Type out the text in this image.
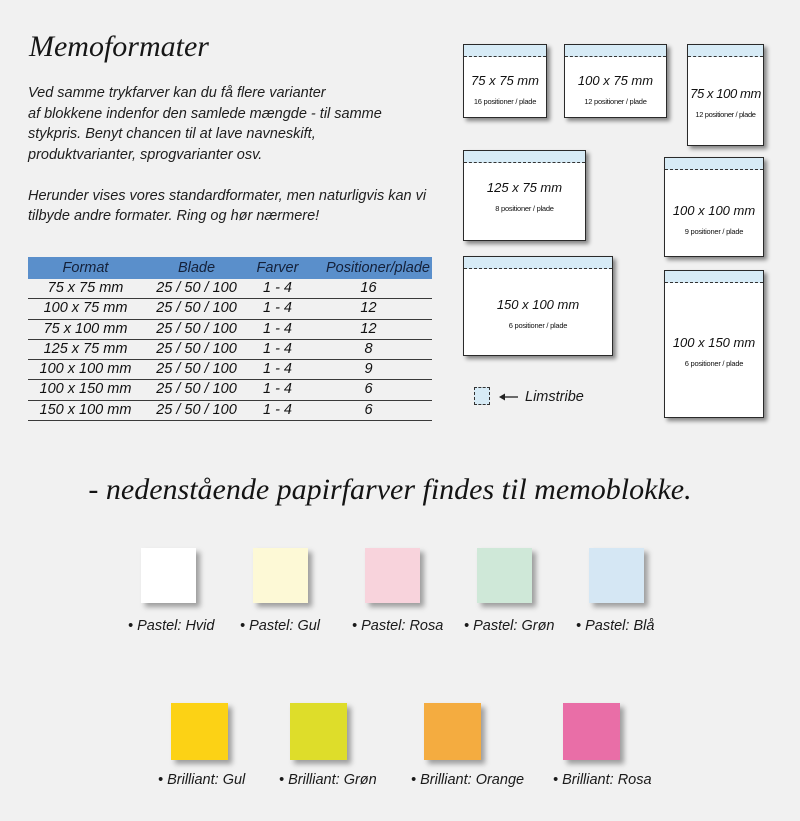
Memoformater
Ved samme trykfarver kan du få flere varianter
af blokkene indenfor den samlede mængde - til samme
stykpris. Benyt chancen til at lave navneskift,
produktvarianter, sprogvarianter osv.
Herunder vises vores standardformater, men naturligvis kan vi
tilbyde andre formater. Ring og hør nærmere!
Format	Blade	Farver	Positioner/plade
75 x 75 mm	25 / 50 / 100	1 - 4	16
100 x 75 mm	25 / 50 / 100	1 - 4	12
75 x 100 mm	25 / 50 / 100	1 - 4	12
125 x 75 mm	25 / 50 / 100	1 - 4	8
100 x 100 mm	25 / 50 / 100	1 - 4	9
100 x 150 mm	25 / 50 / 100	1 - 4	6
150 x 100 mm	25 / 50 / 100	1 - 4	6
75 x 75 mm
16 positioner / plade
100 x 75 mm
12 positioner / plade
75 x 100 mm
12 positioner / plade
125 x 75 mm
8 positioner / plade	100 x 100 mm
9 positioner / plade
150 x 100 mm
6 positioner / plade
100 x 150 mm
6 positioner / plade
Limstribe
- nedenstående papirfarver findes til memoblokke.
• Pastel: Hvid • Pastel: Gul • Pastel: Rosa • Pastel: Grøn • Pastel: Blå
• Brilliant: Gul • Brilliant: Grøn • Brilliant: Orange • Brilliant: Rosa
